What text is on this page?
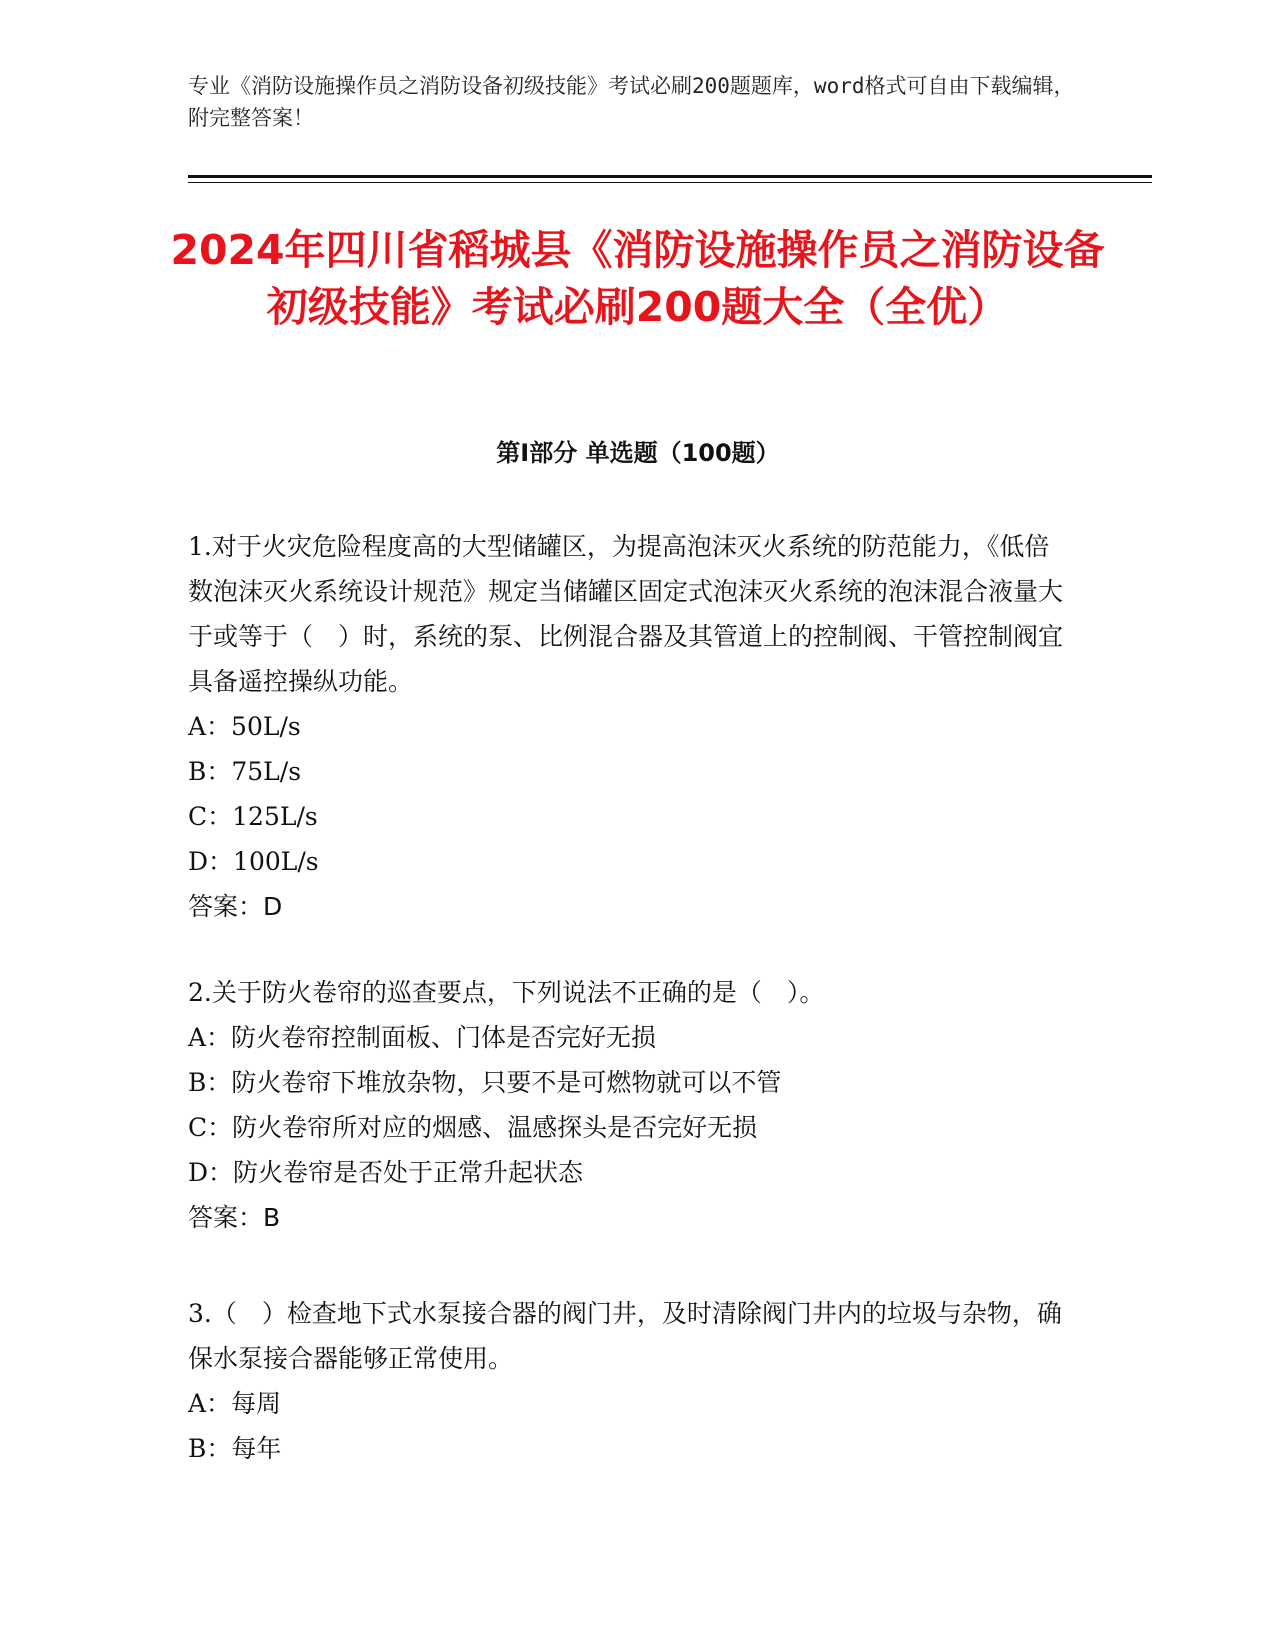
专业《消防设施操作员之消防设备初级技能》考试必刷200题题库，word格式可自由下载编辑，附完整答案！
2024年四川省稻城县《消防设施操作员之消防设备初级技能》考试必刷200题大全（全优）
第I部分 单选题（100题）

1.对于火灾危险程度高的大型储罐区，为提高泡沫灭火系统的防范能力，《低倍数泡沫灭火系统设计规范》规定当储罐区固定式泡沫灭火系统的泡沫混合液量大于或等于（　）时，系统的泵、比例混合器及其管道上的控制阀、干管控制阀宜具备遥控操纵功能。

A：50L/s

B：75L/s

C：125L/s

D：100L/s

答案：D

2.关于防火卷帘的巡查要点，下列说法不正确的是（　）。

A：防火卷帘控制面板、门体是否完好无损

B：防火卷帘下堆放杂物，只要不是可燃物就可以不管

C：防火卷帘所对应的烟感、温感探头是否完好无损

D：防火卷帘是否处于正常升起状态

答案：B

3.（　）检查地下式水泵接合器的阀门井，及时清除阀门井内的垃圾与杂物，确保水泵接合器能够正常使用。

A：每周

B：每年
